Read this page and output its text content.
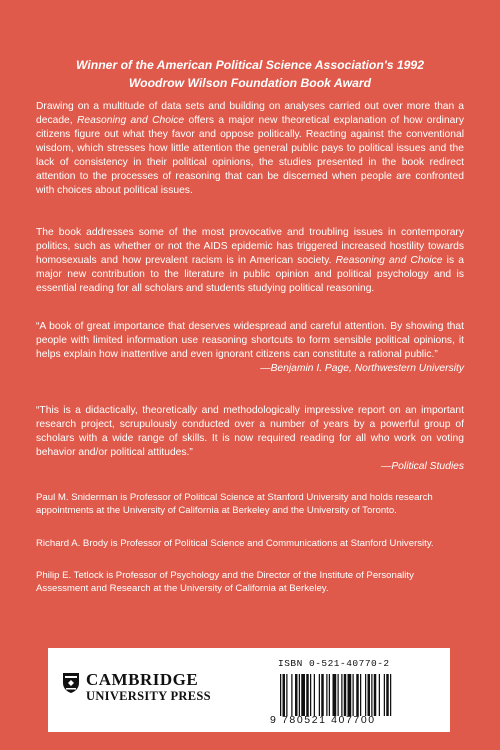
Winner of the American Political Science Association's 1992
Woodrow Wilson Foundation Book Award

Drawing on a multitude of data sets and building on analyses carried out over more than a decade, Reasoning and Choice offers a major new theoretical explanation of how ordinary citizens figure out what they favor and oppose politically. Reacting against the conventional wisdom, which stresses how little attention the general public pays to political issues and the lack of consistency in their political opinions, the studies presented in the book redirect attention to the processes of reasoning that can be discerned when people are confronted with choices about political issues.

The book addresses some of the most provocative and troubling issues in contemporary politics, such as whether or not the AIDS epidemic has triggered increased hostility towards homosexuals and how prevalent racism is in American society. Reasoning and Choice is a major new contribution to the literature in public opinion and political psychology and is essential reading for all scholars and students studying political reasoning.

“A book of great importance that deserves widespread and careful attention. By showing that people with limited information use reasoning shortcuts to form sensible political opinions, it helps explain how inattentive and even ignorant citizens can constitute a rational public.”
—Benjamin I. Page, Northwestern University

“This is a didactically, theoretically and methodologically impressive report on an important research project, scrupulously conducted over a number of years by a powerful group of scholars with a wide range of skills. It is now required reading for all who work on voting behavior and/or political attitudes.”
—Political Studies

Paul M. Sniderman is Professor of Political Science at Stanford University and holds research appointments at the University of California at Berkeley and the University of Toronto.

Richard A. Brody is Professor of Political Science and Communications at Stanford University.

Philip E. Tetlock is Professor of Psychology and the Director of the Institute of Personality Assessment and Research at the University of California at Berkeley.

CAMBRIDGE
UNIVERSITY PRESS
ISBN 0-521-40770-2
9 780521 407700
